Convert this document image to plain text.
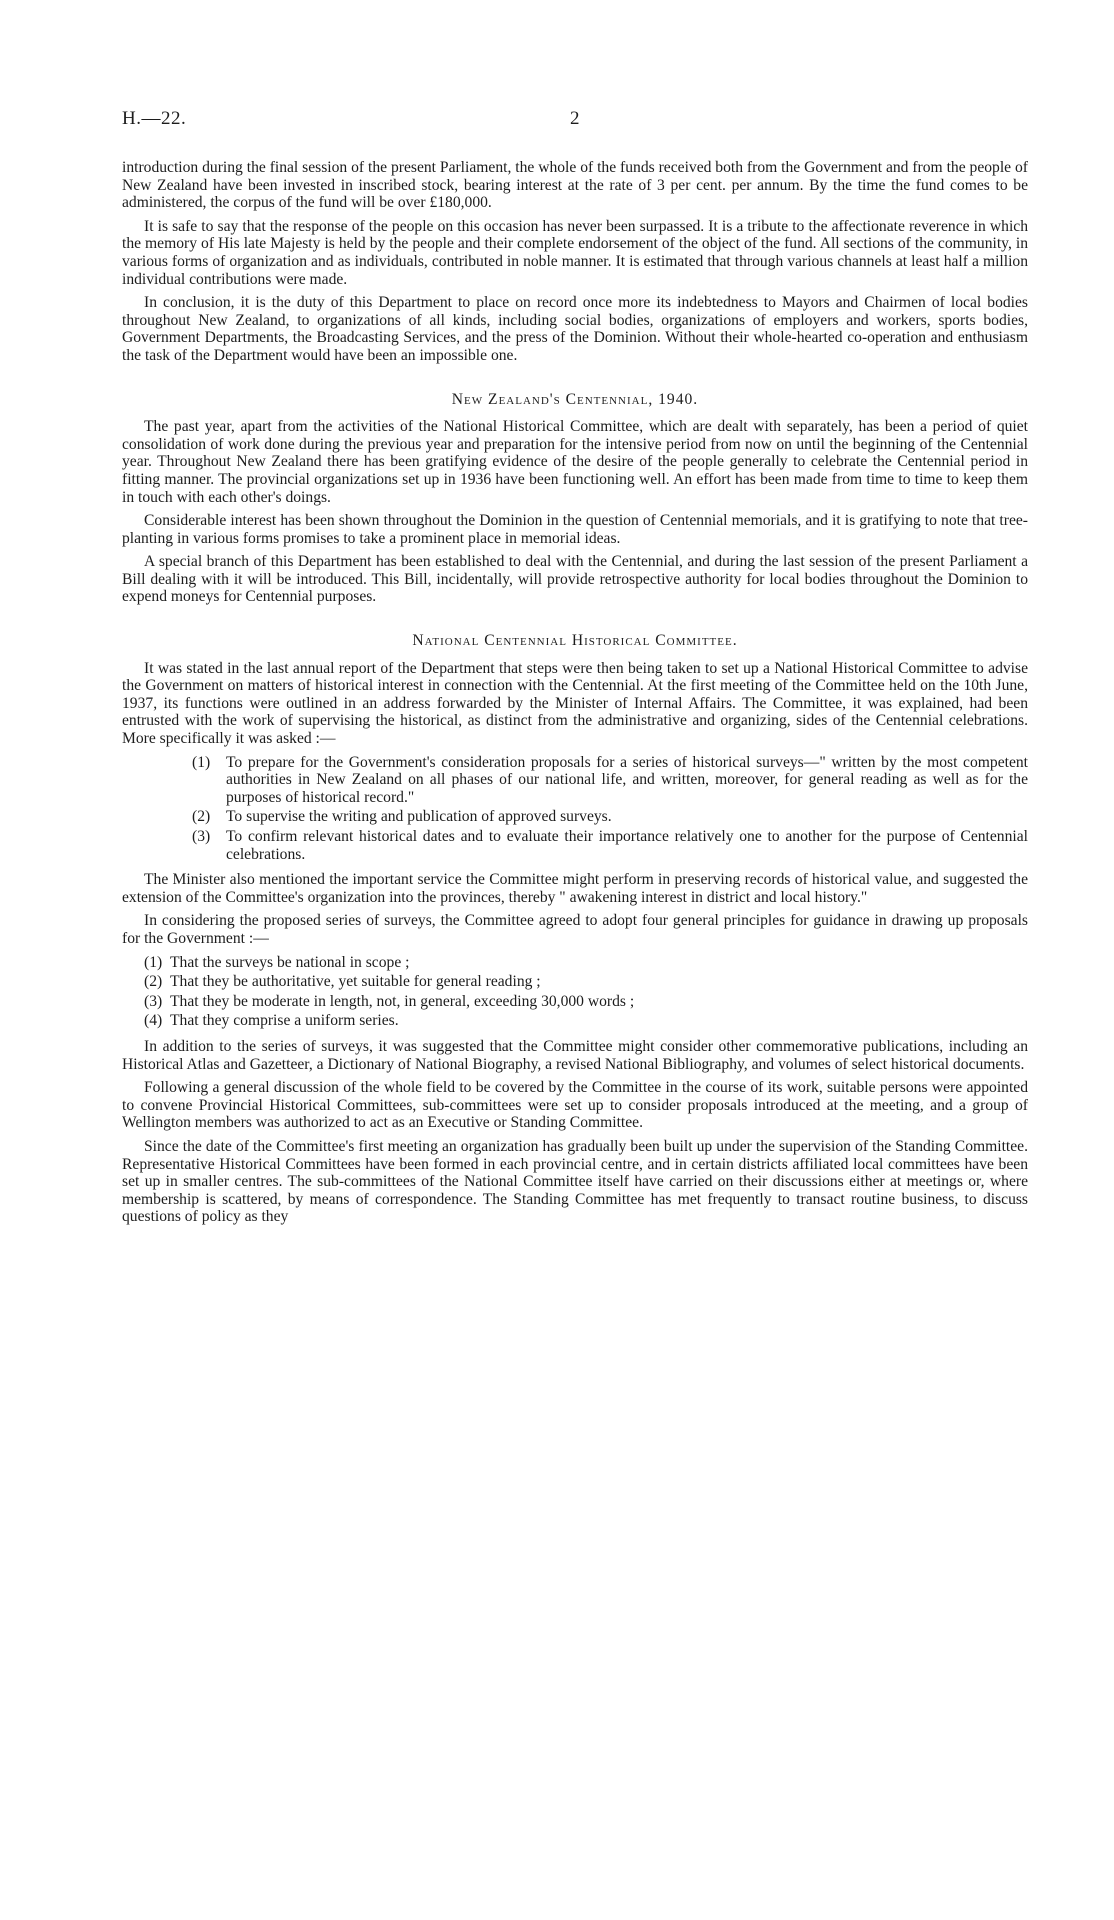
H.—22.	2

introduction during the final session of the present Parliament, the whole of the funds received both from the Government and from the people of New Zealand have been invested in inscribed stock, bearing interest at the rate of 3 per cent. per annum. By the time the fund comes to be administered, the corpus of the fund will be over £180,000.

It is safe to say that the response of the people on this occasion has never been surpassed. It is a tribute to the affectionate reverence in which the memory of His late Majesty is held by the people and their complete endorsement of the object of the fund. All sections of the community, in various forms of organization and as individuals, contributed in noble manner. It is estimated that through various channels at least half a million individual contributions were made.

In conclusion, it is the duty of this Department to place on record once more its indebtedness to Mayors and Chairmen of local bodies throughout New Zealand, to organizations of all kinds, including social bodies, organizations of employers and workers, sports bodies, Government Departments, the Broadcasting Services, and the press of the Dominion. Without their whole-hearted co-operation and enthusiasm the task of the Department would have been an impossible one.

New Zealand's Centennial, 1940.

The past year, apart from the activities of the National Historical Committee, which are dealt with separately, has been a period of quiet consolidation of work done during the previous year and preparation for the intensive period from now on until the beginning of the Centennial year. Throughout New Zealand there has been gratifying evidence of the desire of the people generally to celebrate the Centennial period in fitting manner. The provincial organizations set up in 1936 have been functioning well. An effort has been made from time to time to keep them in touch with each other's doings.

Considerable interest has been shown throughout the Dominion in the question of Centennial memorials, and it is gratifying to note that tree-planting in various forms promises to take a prominent place in memorial ideas.

A special branch of this Department has been established to deal with the Centennial, and during the last session of the present Parliament a Bill dealing with it will be introduced. This Bill, incidentally, will provide retrospective authority for local bodies throughout the Dominion to expend moneys for Centennial purposes.

National Centennial Historical Committee.

It was stated in the last annual report of the Department that steps were then being taken to set up a National Historical Committee to advise the Government on matters of historical interest in connection with the Centennial. At the first meeting of the Committee held on the 10th June, 1937, its functions were outlined in an address forwarded by the Minister of Internal Affairs. The Committee, it was explained, had been entrusted with the work of supervising the historical, as distinct from the administrative and organizing, sides of the Centennial celebrations. More specifically it was asked :—

(1) To prepare for the Government's consideration proposals for a series of historical surveys—" written by the most competent authorities in New Zealand on all phases of our national life, and written, moreover, for general reading as well as for the purposes of historical record."
(2) To supervise the writing and publication of approved surveys.
(3) To confirm relevant historical dates and to evaluate their importance relatively one to another for the purpose of Centennial celebrations.

The Minister also mentioned the important service the Committee might perform in preserving records of historical value, and suggested the extension of the Committee's organization into the provinces, thereby " awakening interest in district and local history."

In considering the proposed series of surveys, the Committee agreed to adopt four general principles for guidance in drawing up proposals for the Government :—

(1) That the surveys be national in scope ;
(2) That they be authoritative, yet suitable for general reading ;
(3) That they be moderate in length, not, in general, exceeding 30,000 words ;
(4) That they comprise a uniform series.

In addition to the series of surveys, it was suggested that the Committee might consider other commemorative publications, including an Historical Atlas and Gazetteer, a Dictionary of National Biography, a revised National Bibliography, and volumes of select historical documents.

Following a general discussion of the whole field to be covered by the Committee in the course of its work, suitable persons were appointed to convene Provincial Historical Committees, sub-committees were set up to consider proposals introduced at the meeting, and a group of Wellington members was authorized to act as an Executive or Standing Committee.

Since the date of the Committee's first meeting an organization has gradually been built up under the supervision of the Standing Committee. Representative Historical Committees have been formed in each provincial centre, and in certain districts affiliated local committees have been set up in smaller centres. The sub-committees of the National Committee itself have carried on their discussions either at meetings or, where membership is scattered, by means of correspondence. The Standing Committee has met frequently to transact routine business, to discuss questions of policy as they
